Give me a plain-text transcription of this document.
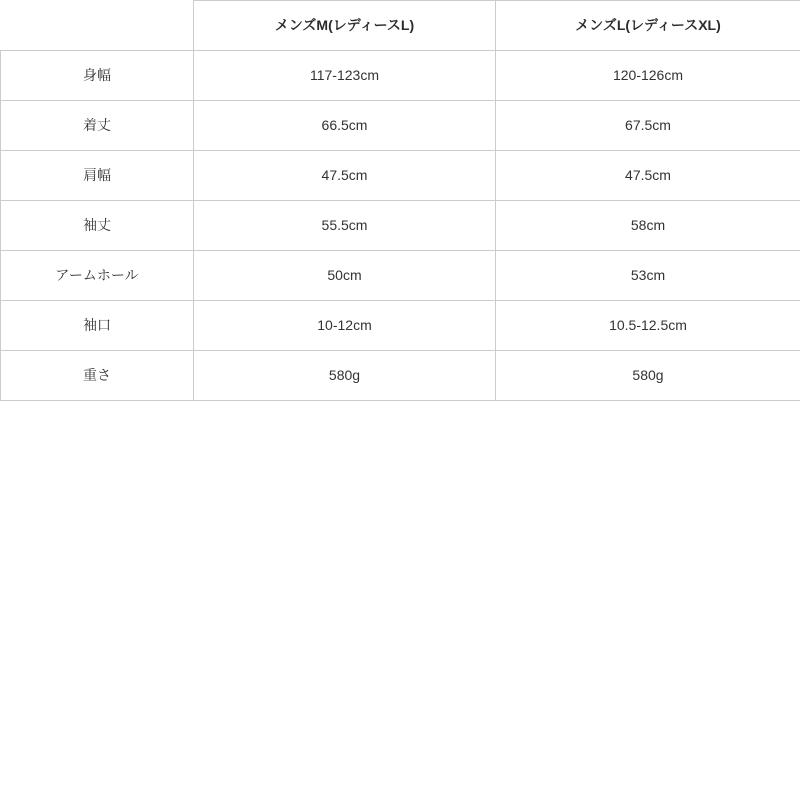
	メンズM(レディースL)	メンズL(レディースXL)
身幅	117-123cm	120-126cm
着丈	66.5cm	67.5cm
肩幅	47.5cm	47.5cm
袖丈	55.5cm	58cm
アームホール	50cm	53cm
袖口	10-12cm	10.5-12.5cm
重さ	580g	580g
